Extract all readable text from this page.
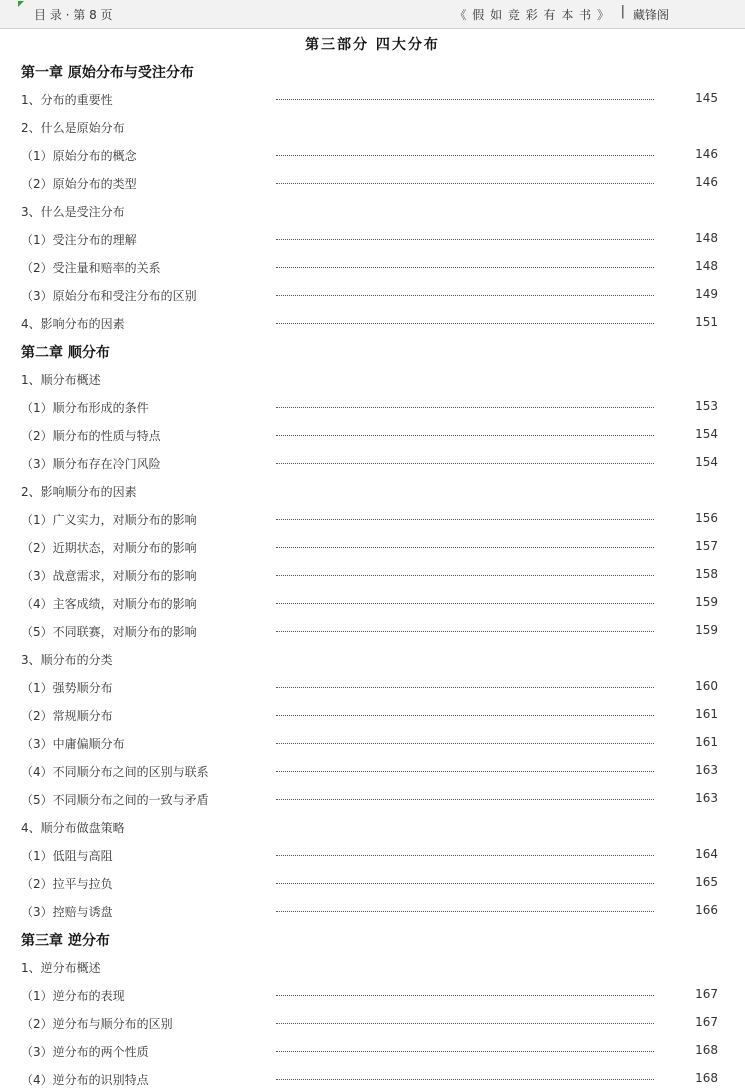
目 录 · 第 8 页	《 假 如 竞 彩 有 本 书 》 | 藏锋阁
第三部分 四大分布
第一章 原始分布与受注分布
1、分布的重要性	145
2、什么是原始分布
（1）原始分布的概念	146
（2）原始分布的类型	146
3、什么是受注分布
（1）受注分布的理解	148
（2）受注量和赔率的关系	148
（3）原始分布和受注分布的区别	149
4、影响分布的因素	151
第二章 顺分布
1、顺分布概述
（1）顺分布形成的条件	153
（2）顺分布的性质与特点	154
（3）顺分布存在冷门风险	154
2、影响顺分布的因素
（1）广义实力，对顺分布的影响	156
（2）近期状态，对顺分布的影响	157
（3）战意需求，对顺分布的影响	158
（4）主客成绩，对顺分布的影响	159
（5）不同联赛，对顺分布的影响	159
3、顺分布的分类
（1）强势顺分布	160
（2）常规顺分布	161
（3）中庸偏顺分布	161
（4）不同顺分布之间的区别与联系	163
（5）不同顺分布之间的一致与矛盾	163
4、顺分布做盘策略
（1）低阻与高阻	164
（2）拉平与拉负	165
（3）控赔与诱盘	166
第三章 逆分布
1、逆分布概述
（1）逆分布的表现	167
（2）逆分布与顺分布的区别	167
（3）逆分布的两个性质	168
（4）逆分布的识别特点	168
